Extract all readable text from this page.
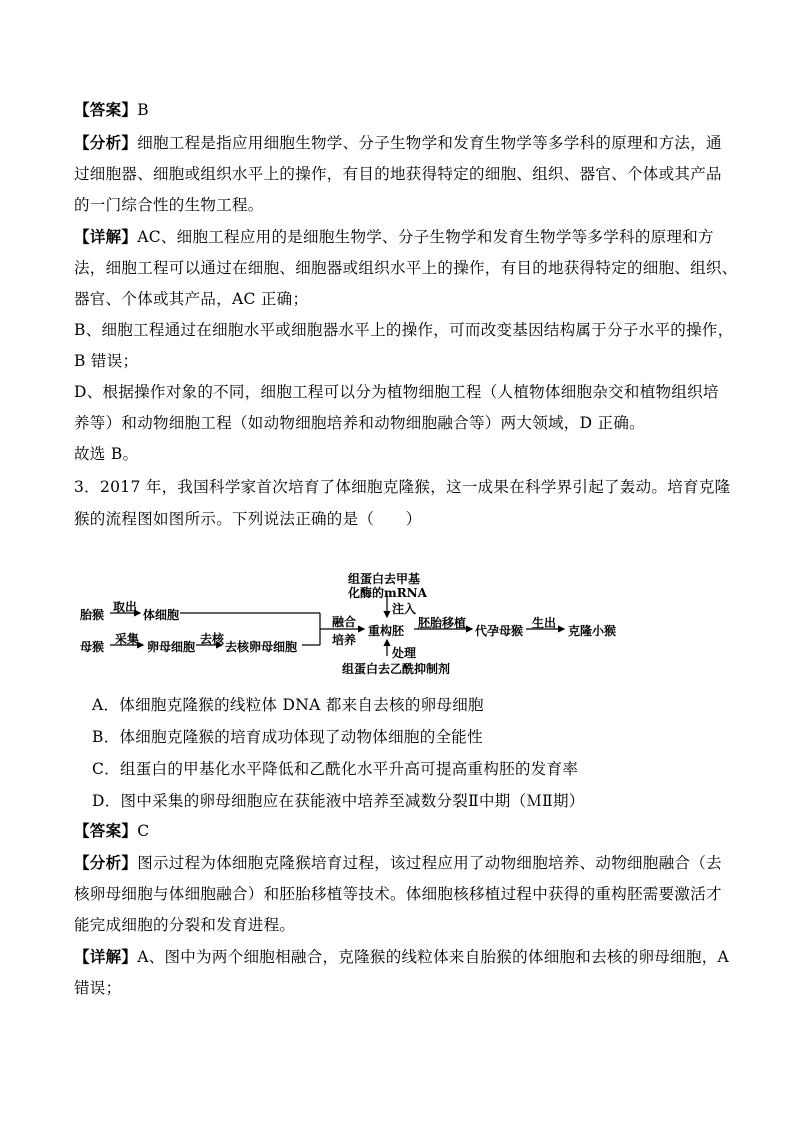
【答案】B
【分析】细胞工程是指应用细胞生物学、分子生物学和发育生物学等多学科的原理和方法，通
过细胞器、细胞或组织水平上的操作，有目的地获得特定的细胞、组织、器官、个体或其产品
的一门综合性的生物工程。
【详解】AC、细胞工程应用的是细胞生物学、分子生物学和发育生物学等多学科的原理和方
法，细胞工程可以通过在细胞、细胞器或组织水平上的操作，有目的地获得特定的细胞、组织、
器官、个体或其产品，AC 正确；
B、细胞工程通过在细胞水平或细胞器水平上的操作，可而改变基因结构属于分子水平的操作，
B 错误；
D、根据操作对象的不同，细胞工程可以分为植物细胞工程（人植物体细胞杂交和植物组织培
养等）和动物细胞工程（如动物细胞培养和动物细胞融合等）两大领域，D 正确。
故选 B。
3．2017 年，我国科学家首次培育了体细胞克隆猴，这一成果在科学界引起了轰动。培育克隆
猴的流程图如图所示。下列说法正确的是（　　）
组蛋白去甲基
化酶的mRNA
注入
胎猴
取出
体细胞
母猴
采集
卵母细胞
去核
去核卵母细胞
融合
培养
重构胚
胚胎移植
代孕母猴
生出
克隆小猴
处理
组蛋白去乙酰抑制剂
A．体细胞克隆猴的线粒体 DNA 都来自去核的卵母细胞
B．体细胞克隆猴的培育成功体现了动物体细胞的全能性
C．组蛋白的甲基化水平降低和乙酰化水平升高可提高重构胚的发育率
D．图中采集的卵母细胞应在获能液中培养至减数分裂Ⅱ中期（ＭⅡ期）
【答案】C
【分析】图示过程为体细胞克隆猴培育过程，该过程应用了动物细胞培养、动物细胞融合（去
核卵母细胞与体细胞融合）和胚胎移植等技术。体细胞核移植过程中获得的重构胚需要激活才
能完成细胞的分裂和发育进程。
【详解】A、图中为两个细胞相融合，克隆猴的线粒体来自胎猴的体细胞和去核的卵母细胞，A
错误；
